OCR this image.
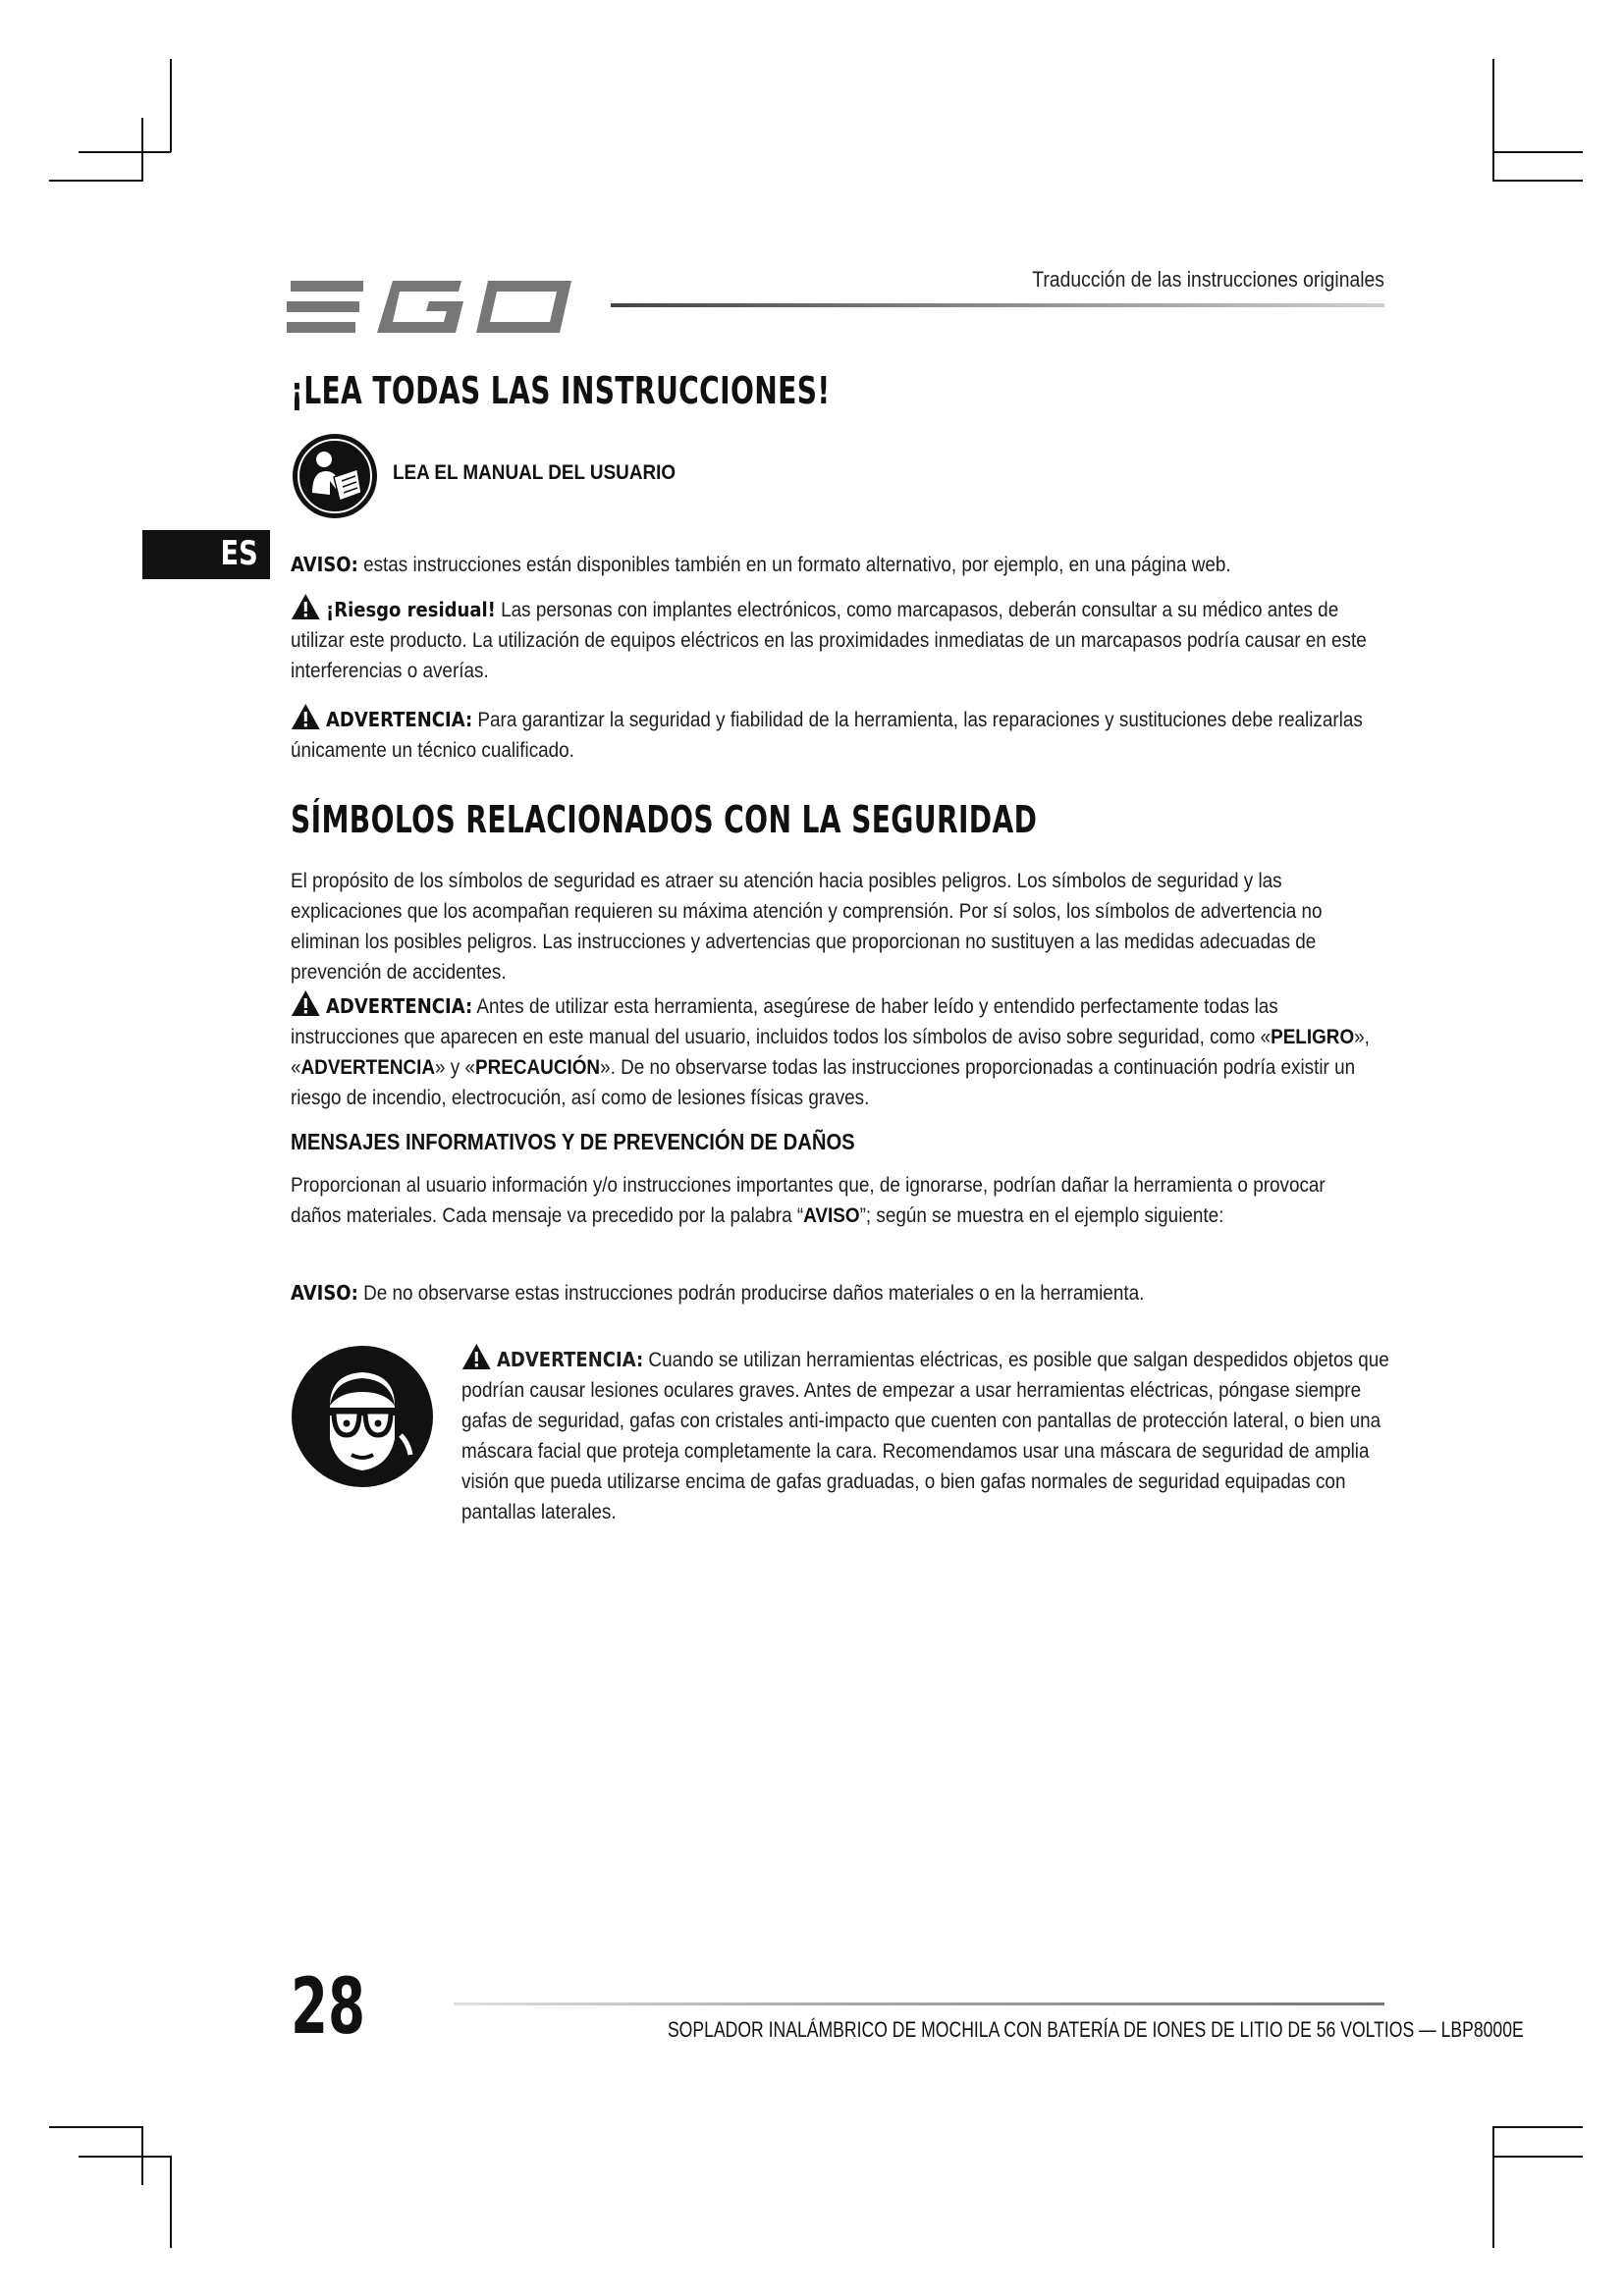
Traducción de las instrucciones originales
¡LEA TODAS LAS INSTRUCCIONES!
LEA EL MANUAL DEL USUARIO
ES AVISO: estas instrucciones están disponibles también en un formato alternativo, por ejemplo, en una página web.
¡Riesgo residual! Las personas con implantes electrónicos, como marcapasos, deberán consultar a su médico antes de utilizar este producto. La utilización de equipos eléctricos en las proximidades inmediatas de un marcapasos podría causar en este interferencias o averías.
ADVERTENCIA: Para garantizar la seguridad y fiabilidad de la herramienta, las reparaciones y sustituciones debe realizarlas únicamente un técnico cualificado.
SÍMBOLOS RELACIONADOS CON LA SEGURIDAD
El propósito de los símbolos de seguridad es atraer su atención hacia posibles peligros. Los símbolos de seguridad y las explicaciones que los acompañan requieren su máxima atención y comprensión. Por sí solos, los símbolos de advertencia no eliminan los posibles peligros. Las instrucciones y advertencias que proporcionan no sustituyen a las medidas adecuadas de prevención de accidentes.
ADVERTENCIA: Antes de utilizar esta herramienta, asegúrese de haber leído y entendido perfectamente todas las instrucciones que aparecen en este manual del usuario, incluidos todos los símbolos de aviso sobre seguridad, como «PELIGRO», «ADVERTENCIA» y «PRECAUCIÓN». De no observarse todas las instrucciones proporcionadas a continuación podría existir un riesgo de incendio, electrocución, así como de lesiones físicas graves.
MENSAJES INFORMATIVOS Y DE PREVENCIÓN DE DAÑOS
Proporcionan al usuario información y/o instrucciones importantes que, de ignorarse, podrían dañar la herramienta o provocar daños materiales. Cada mensaje va precedido por la palabra “AVISO”; según se muestra en el ejemplo siguiente:
AVISO: De no observarse estas instrucciones podrán producirse daños materiales o en la herramienta.
ADVERTENCIA: Cuando se utilizan herramientas eléctricas, es posible que salgan despedidos objetos que podrían causar lesiones oculares graves. Antes de empezar a usar herramientas eléctricas, póngase siempre gafas de seguridad, gafas con cristales anti-impacto que cuenten con pantallas de protección lateral, o bien una máscara facial que proteja completamente la cara. Recomendamos usar una máscara de seguridad de amplia visión que pueda utilizarse encima de gafas graduadas, o bien gafas normales de seguridad equipadas con pantallas laterales.
28	SOPLADOR INALÁMBRICO DE MOCHILA CON BATERÍA DE IONES DE LITIO DE 56 VOLTIOS — LBP8000E
